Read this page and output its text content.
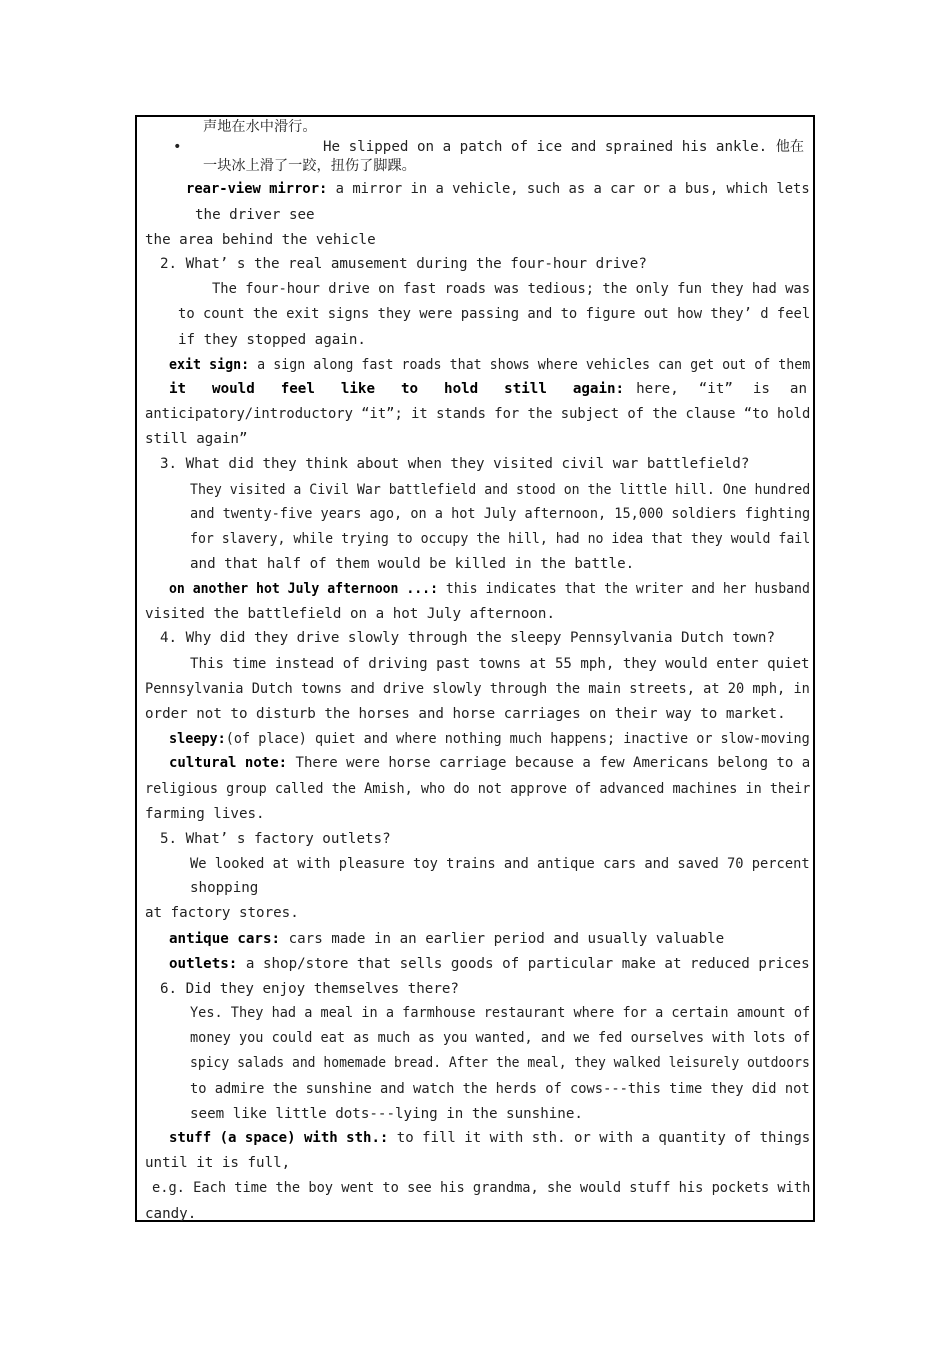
声地在水中滑行。
•	He slipped on a patch of ice and sprained his ankle. 他在
一块冰上滑了一跤，扭伤了脚踝。
rear-view mirror: a mirror in a vehicle, such as a car or a bus, which lets
the driver see
the area behind the vehicle
2. What’ s the real amusement during the four-hour drive?
The four-hour drive on fast roads was tedious; the only fun they had was
to count the exit signs they were passing and to figure out how they’ d feel
if they stopped again.
exit sign: a sign along fast roads that shows where vehicles can get out of them
it would feel like to hold still again: here, “it” is an
anticipatory/introductory “it”; it stands for the subject of the clause “to hold
still again”
3. What did they think about when they visited civil war battlefield?
They visited a Civil War battlefield and stood on the little hill. One hundred
and twenty-five years ago, on a hot July afternoon, 15,000 soldiers fighting
for slavery, while trying to occupy the hill, had no idea that they would fail
and that half of them would be killed in the battle.
on another hot July afternoon ...: this indicates that the writer and her husband
visited the battlefield on a hot July afternoon.
4. Why did they drive slowly through the sleepy Pennsylvania Dutch town?
This time instead of driving past towns at 55 mph, they would enter quiet
Pennsylvania Dutch towns and drive slowly through the main streets, at 20 mph, in
order not to disturb the horses and horse carriages on their way to market.
sleepy:(of place) quiet and where nothing much happens; inactive or slow-moving
cultural note: There were horse carriage because a few Americans belong to a
religious group called the Amish, who do not approve of advanced machines in their
farming lives.
5. What’ s factory outlets?
We looked at with pleasure toy trains and antique cars and saved 70 percent
shopping
at factory stores.
antique cars: cars made in an earlier period and usually valuable
outlets: a shop/store that sells goods of particular make at reduced prices
6. Did they enjoy themselves there?
Yes. They had a meal in a farmhouse restaurant where for a certain amount of
money you could eat as much as you wanted, and we fed ourselves with lots of
spicy salads and homemade bread. After the meal, they walked leisurely outdoors
to admire the sunshine and watch the herds of cows---this time they did not
seem like little dots---lying in the sunshine.
stuff (a space) with sth.: to fill it with sth. or with a quantity of things
until it is full,
e.g. Each time the boy went to see his grandma, she would stuff his pockets with
candy.
